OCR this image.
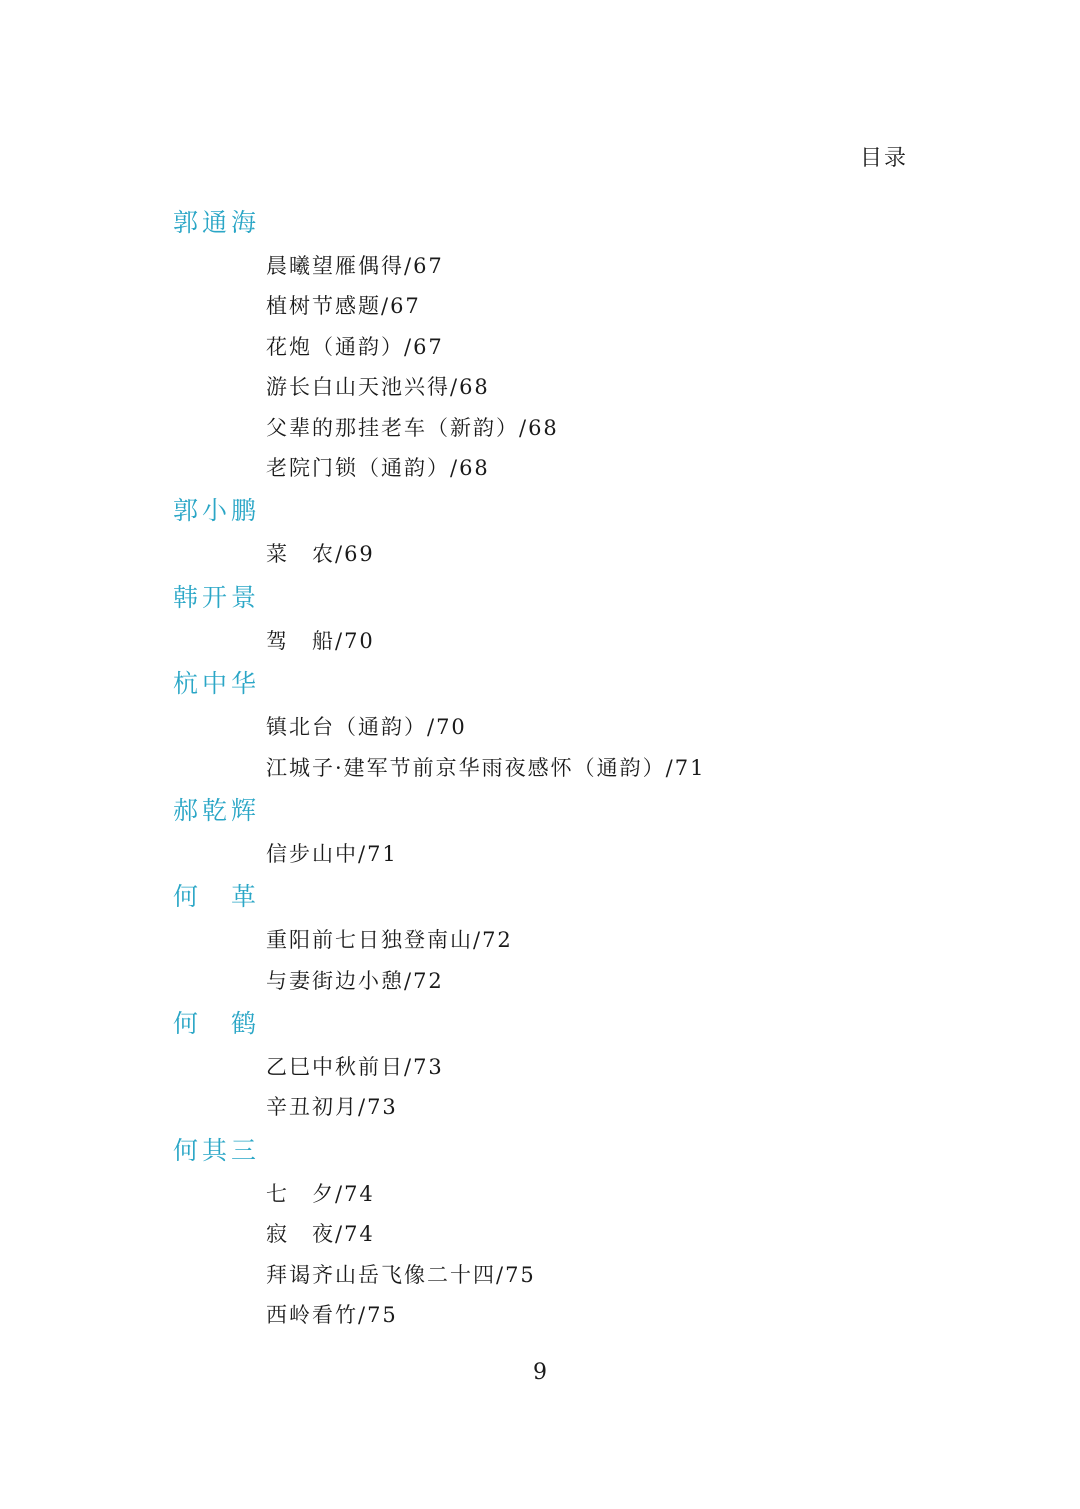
目录
郭通海
晨曦望雁偶得/67
植树节感题/67
花炮（通韵）/67
游长白山天池兴得/68
父辈的那挂老车（新韵）/68
老院门锁（通韵）/68
郭小鹏
菜　农/69
韩开景
驾　船/70
杭中华
镇北台（通韵）/70
江城子·建军节前京华雨夜感怀（通韵）/71
郝乾辉
信步山中/71
何　革
重阳前七日独登南山/72
与妻街边小憩/72
何　鹤
乙巳中秋前日/73
辛丑初月/73
何其三
七　夕/74
寂　夜/74
拜谒齐山岳飞像二十四/75
西岭看竹/75
9
